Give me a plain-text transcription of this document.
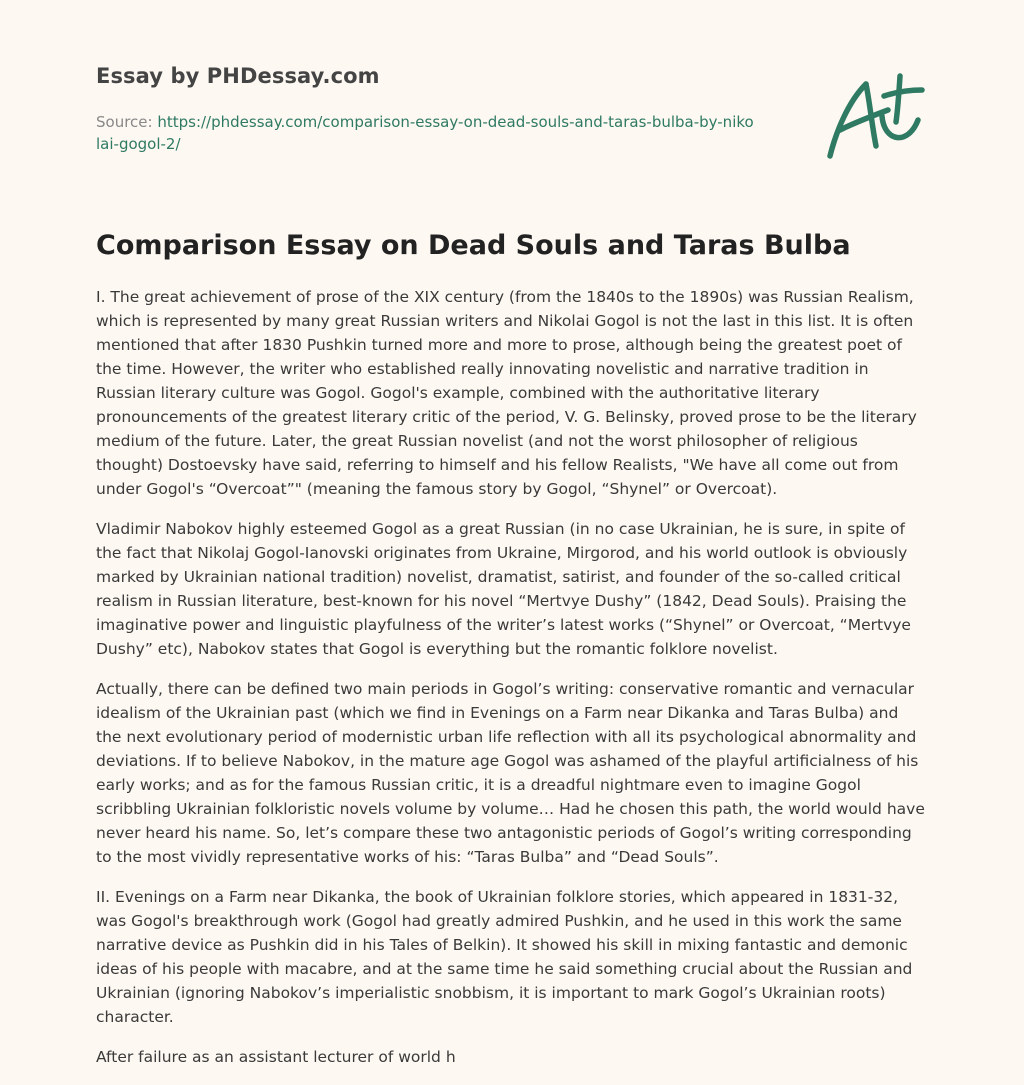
Essay by PHDessay.com
Source: https://phdessay.com/comparison-essay-on-dead-souls-and-taras-bulba-by-nikolai-gogol-2/
Comparison Essay on Dead Souls and Taras Bulba

I. The great achievement of prose of the XIX century (from the 1840s to the 1890s) was Russian Realism, which is represented by many great Russian writers and Nikolai Gogol is not the last in this list. It is often mentioned that after 1830 Pushkin turned more and more to prose, although being the greatest poet of the time. However, the writer who established really innovating novelistic and narrative tradition in Russian literary culture was Gogol. Gogol's example, combined with the authoritative literary pronouncements of the greatest literary critic of the period, V. G. Belinsky, proved prose to be the literary medium of the future. Later, the great Russian novelist (and not the worst philosopher of religious thought) Dostoevsky have said, referring to himself and his fellow Realists, "We have all come out from under Gogol's “Overcoat”" (meaning the famous story by Gogol, “Shynel” or Overcoat).

Vladimir Nabokov highly esteemed Gogol as a great Russian (in no case Ukrainian, he is sure, in spite of the fact that Nikolaj Gogol-Ianovski originates from Ukraine, Mirgorod, and his world outlook is obviously marked by Ukrainian national tradition) novelist, dramatist, satirist, and founder of the so-called critical realism in Russian literature, best-known for his novel “Mertvye Dushy” (1842, Dead Souls). Praising the imaginative power and linguistic playfulness of the writer’s latest works (“Shynel” or Overcoat, “Mertvye Dushy” etc), Nabokov states that Gogol is everything but the romantic folklore novelist.

Actually, there can be defined two main periods in Gogol’s writing: conservative romantic and vernacular idealism of the Ukrainian past (which we find in Evenings on a Farm near Dikanka and Taras Bulba) and the next evolutionary period of modernistic urban life reflection with all its psychological abnormality and deviations. If to believe Nabokov, in the mature age Gogol was ashamed of the playful artificialness of his early works; and as for the famous Russian critic, it is a dreadful nightmare even to imagine Gogol scribbling Ukrainian folkloristic novels volume by volume… Had he chosen this path, the world would have never heard his name. So, let’s compare these two antagonistic periods of Gogol’s writing corresponding to the most vividly representative works of his: “Taras Bulba” and “Dead Souls”.

II. Evenings on a Farm near Dikanka, the book of Ukrainian folklore stories, which appeared in 1831-32, was Gogol's breakthrough work (Gogol had greatly admired Pushkin, and he used in this work the same narrative device as Pushkin did in his Tales of Belkin). It showed his skill in mixing fantastic and demonic ideas of his people with macabre, and at the same time he said something crucial about the Russian and Ukrainian (ignoring Nabokov’s imperialistic snobbism, it is important to mark Gogol’s Ukrainian roots) character.

After failure as an assistant lecturer of world h
